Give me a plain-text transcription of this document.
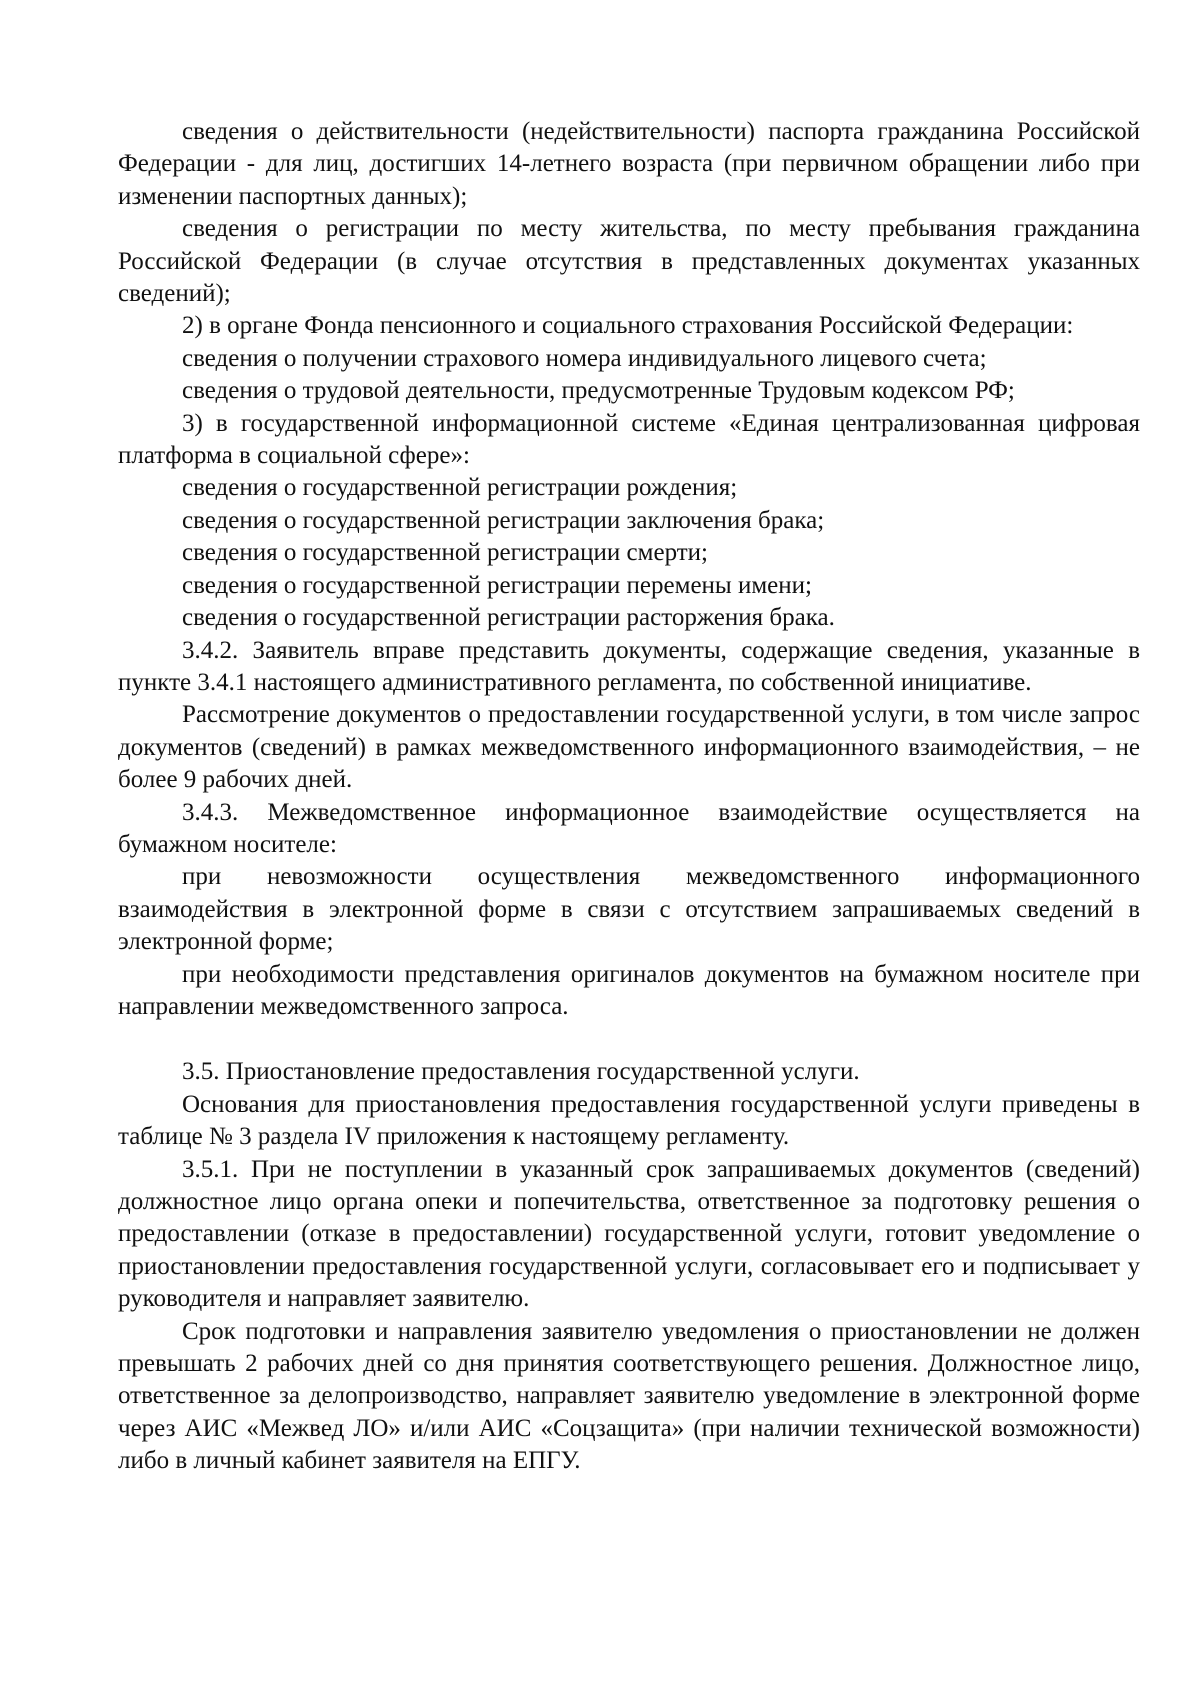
сведения о действительности (недействительности) паспорта гражданина Российской Федерации - для лиц, достигших 14-летнего возраста (при первичном обращении либо при изменении паспортных данных);

сведения о регистрации по месту жительства, по месту пребывания гражданина Российской Федерации (в случае отсутствия в представленных документах указанных сведений);

2) в органе Фонда пенсионного и социального страхования Российской Федерации:

сведения о получении страхового номера индивидуального лицевого счета;

сведения о трудовой деятельности, предусмотренные Трудовым кодексом РФ;

3) в государственной информационной системе «Единая централизованная цифровая платформа в социальной сфере»:

сведения о государственной регистрации рождения;

сведения о государственной регистрации заключения брака;

сведения о государственной регистрации смерти;

сведения о государственной регистрации перемены имени;

сведения о государственной регистрации расторжения брака.

3.4.2. Заявитель вправе представить документы, содержащие сведения, указанные в пункте 3.4.1 настоящего административного регламента, по собственной инициативе.

Рассмотрение документов о предоставлении государственной услуги, в том числе запрос документов (сведений) в рамках межведомственного информационного взаимодействия, – не более 9 рабочих дней.

3.4.3. Межведомственное информационное взаимодействие осуществляется на бумажном носителе:

при невозможности осуществления межведомственного информационного взаимодействия в электронной форме в связи с отсутствием запрашиваемых сведений в электронной форме;

при необходимости представления оригиналов документов на бумажном носителе при направлении межведомственного запроса.

3.5. Приостановление предоставления государственной услуги.

Основания для приостановления предоставления государственной услуги приведены в таблице № 3 раздела IV приложения к настоящему регламенту.

3.5.1. При не поступлении в указанный срок запрашиваемых документов (сведений) должностное лицо органа опеки и попечительства, ответственное за подготовку решения о предоставлении (отказе в предоставлении) государственной услуги, готовит уведомление о приостановлении предоставления государственной услуги, согласовывает его и подписывает у руководителя и направляет заявителю.

Срок подготовки и направления заявителю уведомления о приостановлении не должен превышать 2 рабочих дней со дня принятия соответствующего решения. Должностное лицо, ответственное за делопроизводство, направляет заявителю уведомление в электронной форме через АИС «Межвед ЛО» и/или АИС «Соцзащита» (при наличии технической возможности) либо в личный кабинет заявителя на ЕПГУ.
